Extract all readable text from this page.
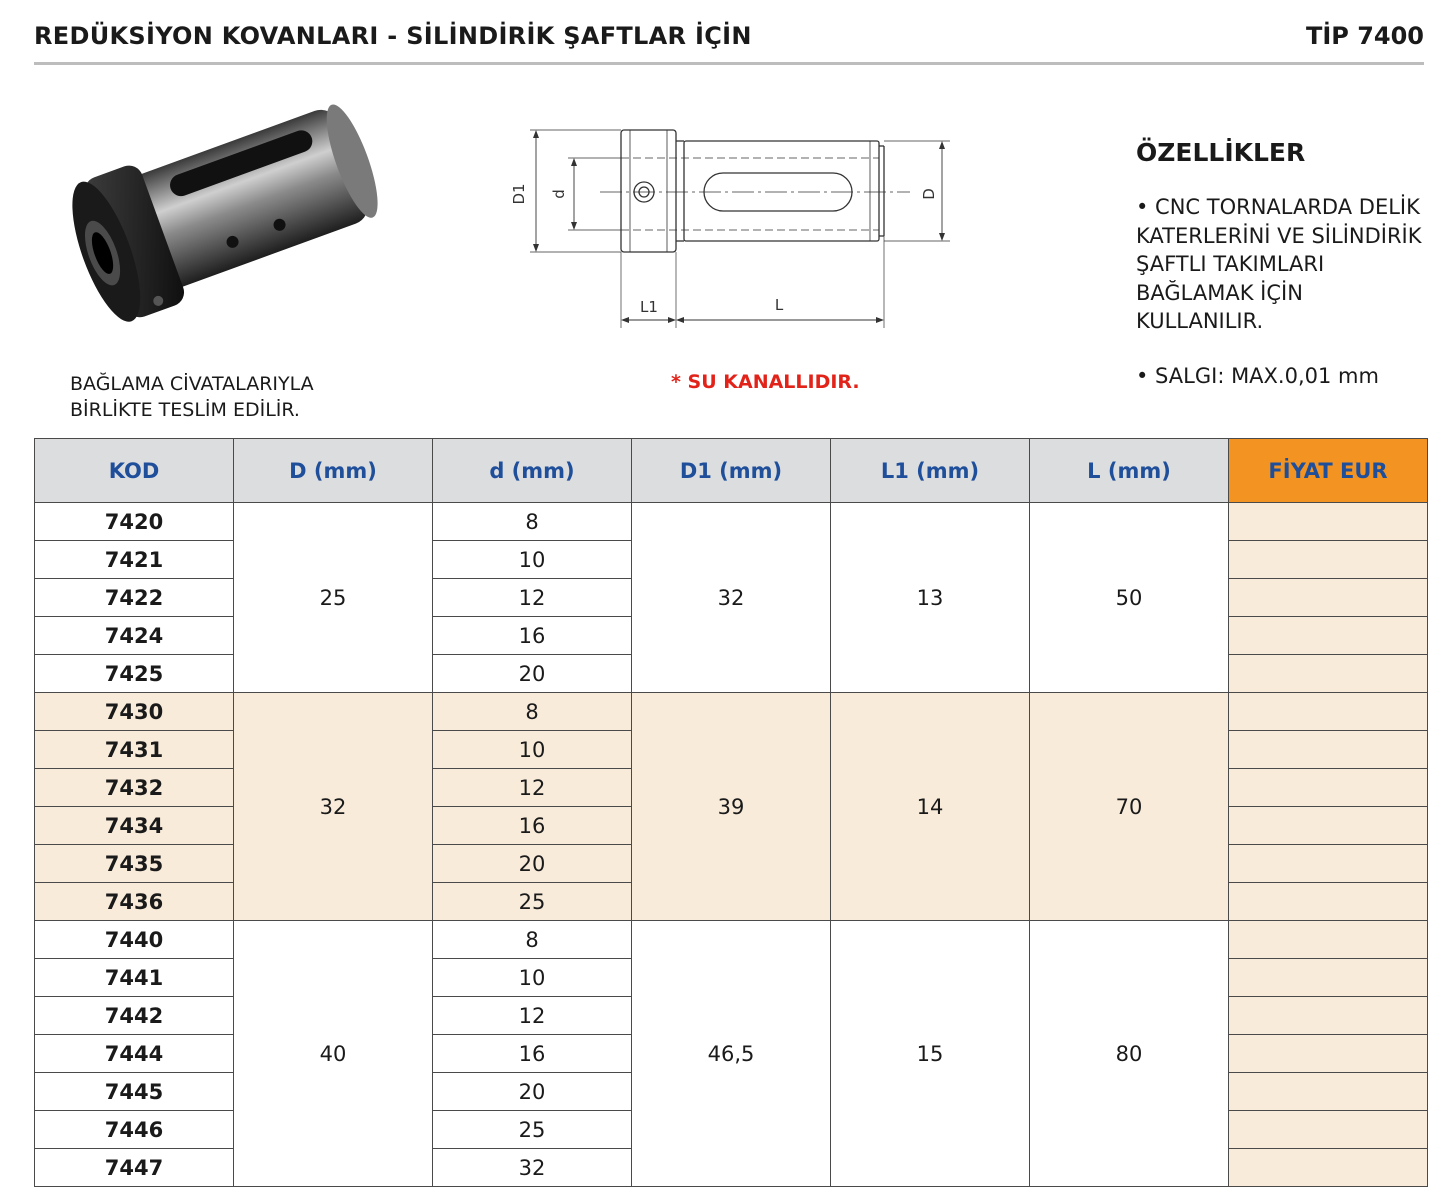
REDÜKSİYON KOVANLARI - SİLİNDİRİK ŞAFTLAR İÇİN	TİP 7400
D1 d	D
L1	L
BAĞLAMA CİVATALARIYLA
BİRLİKTE TESLİM EDİLİR.
* SU KANALLIDIR.
ÖZELLİKLER
• CNC TORNALARDA DELİK KATERLERİNİ VE SİLİNDİRİK ŞAFTLI TAKIMLARI BAĞLAMAK İÇİN KULLANILIR.
• SALGI: MAX.0,01 mm
KOD	D (mm)	d (mm)	D1 (mm)	L1 (mm)	L (mm)	FİYAT EUR
7420	25	8	32	13	50	
7421		10				
7422		12				
7424		16				
7425		20				
7430	32	8	39	14	70	
7431		10				
7432		12				
7434		16				
7435		20				
7436		25				
7440	40	8	46,5	15	80	
7441		10				
7442		12				
7444		16				
7445		20				
7446		25				
7447		32				
